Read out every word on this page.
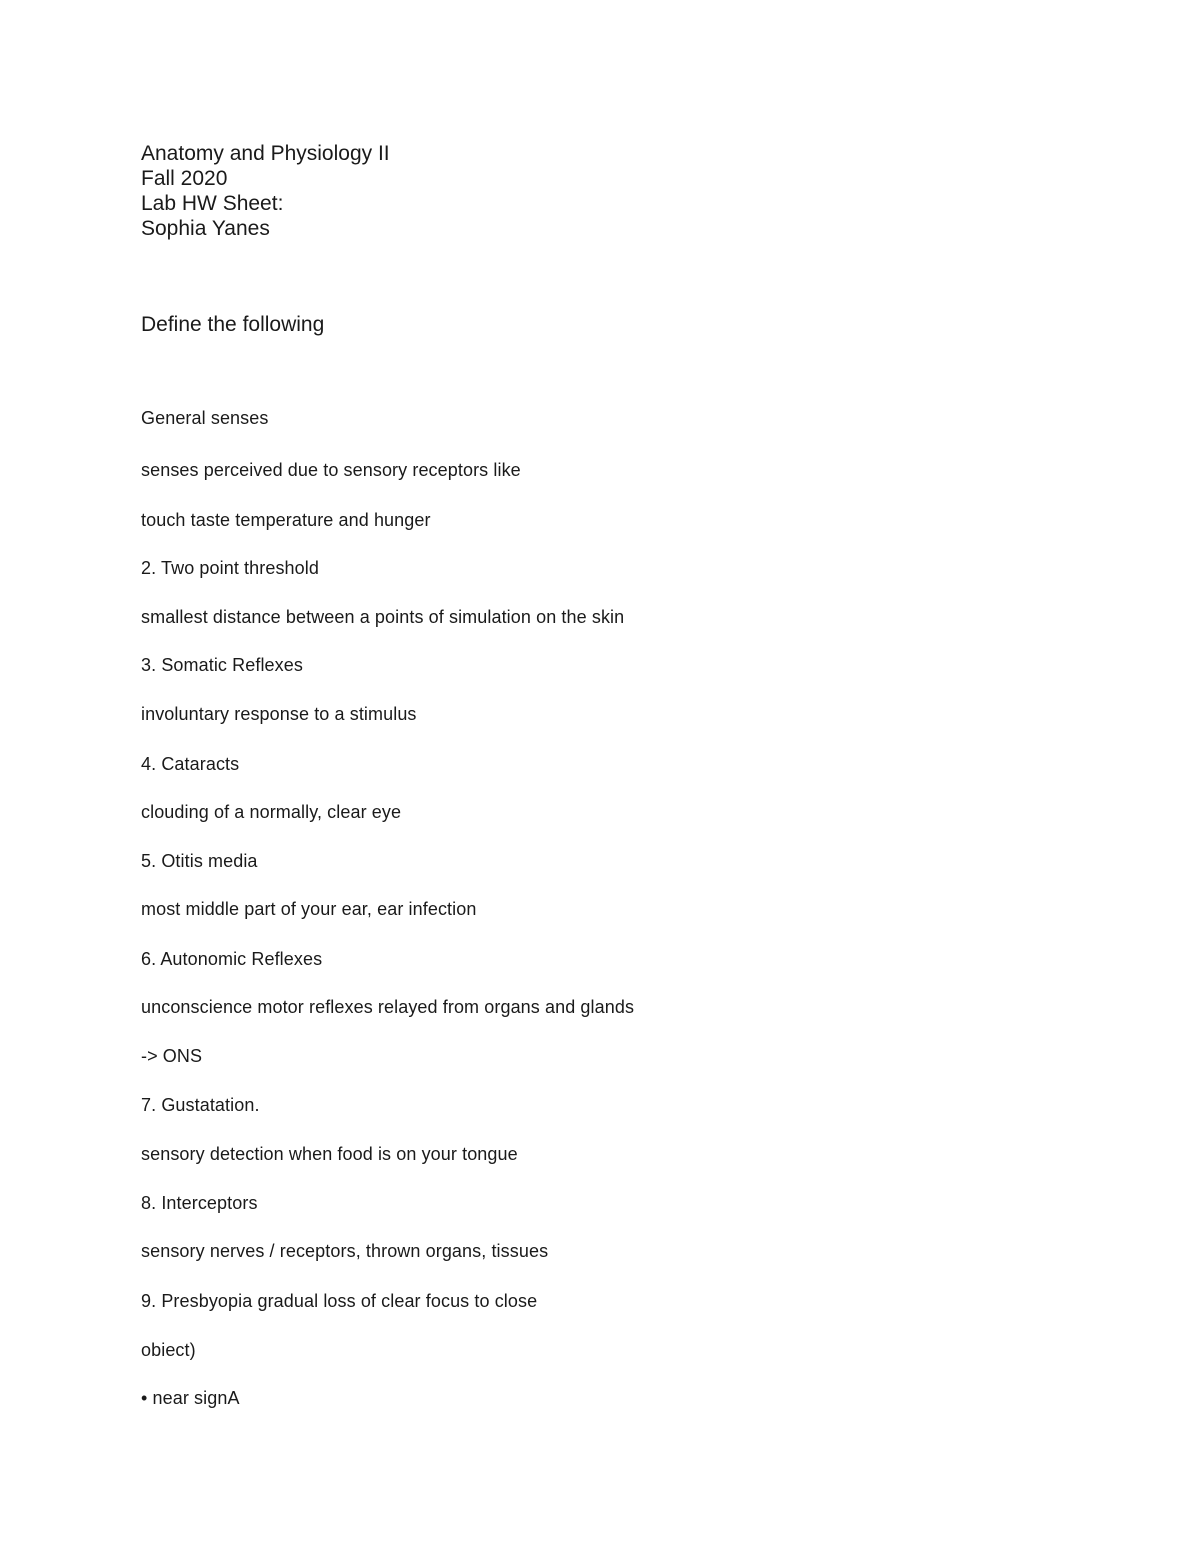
Anatomy and Physiology II
Fall 2020
Lab HW Sheet:
Sophia Yanes
Define the following
General senses
senses perceived due to sensory receptors like
touch taste temperature and hunger
2. Two point threshold
smallest distance between a points of simulation on the skin
3. Somatic Reflexes
involuntary response to a stimulus
4. Cataracts
clouding of a normally, clear eye
5. Otitis media
most middle part of your ear, ear infection
6. Autonomic Reflexes
unconscience motor reflexes relayed from organs and glands
-> ONS
7. Gustatation.
sensory detection when food is on your tongue
8. Interceptors
sensory nerves / receptors, thrown organs, tissues
9. Presbyopia gradual loss of clear focus to close
obiect)
• near signA
